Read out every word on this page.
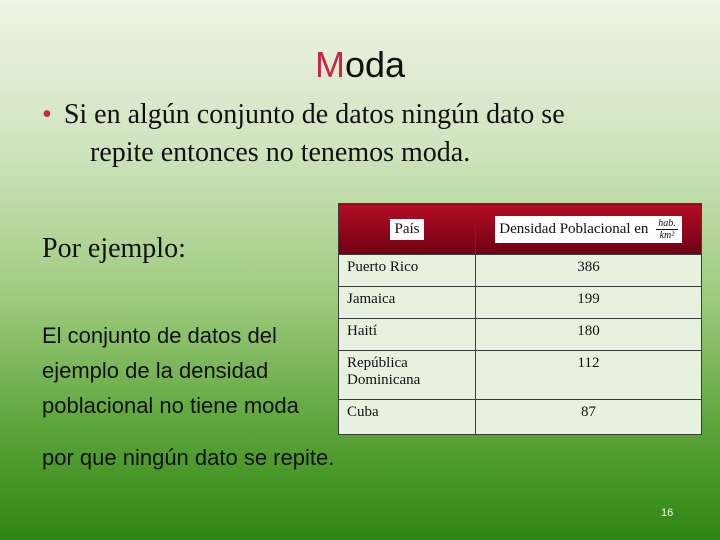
Moda
• Si en algún conjunto de datos ningún dato se
repite entonces no tenemos moda.
Por ejemplo:
El conjunto de datos del ejemplo de la densidad poblacional no tiene moda
por que ningún dato se repite.
País	Densidad Poblacional en $\frac{\text{hab.}}{\text{km²}}$

Puerto Rico	386
Jamaica	199
Haití	180
República Dominicana	112
Cuba	87
16
